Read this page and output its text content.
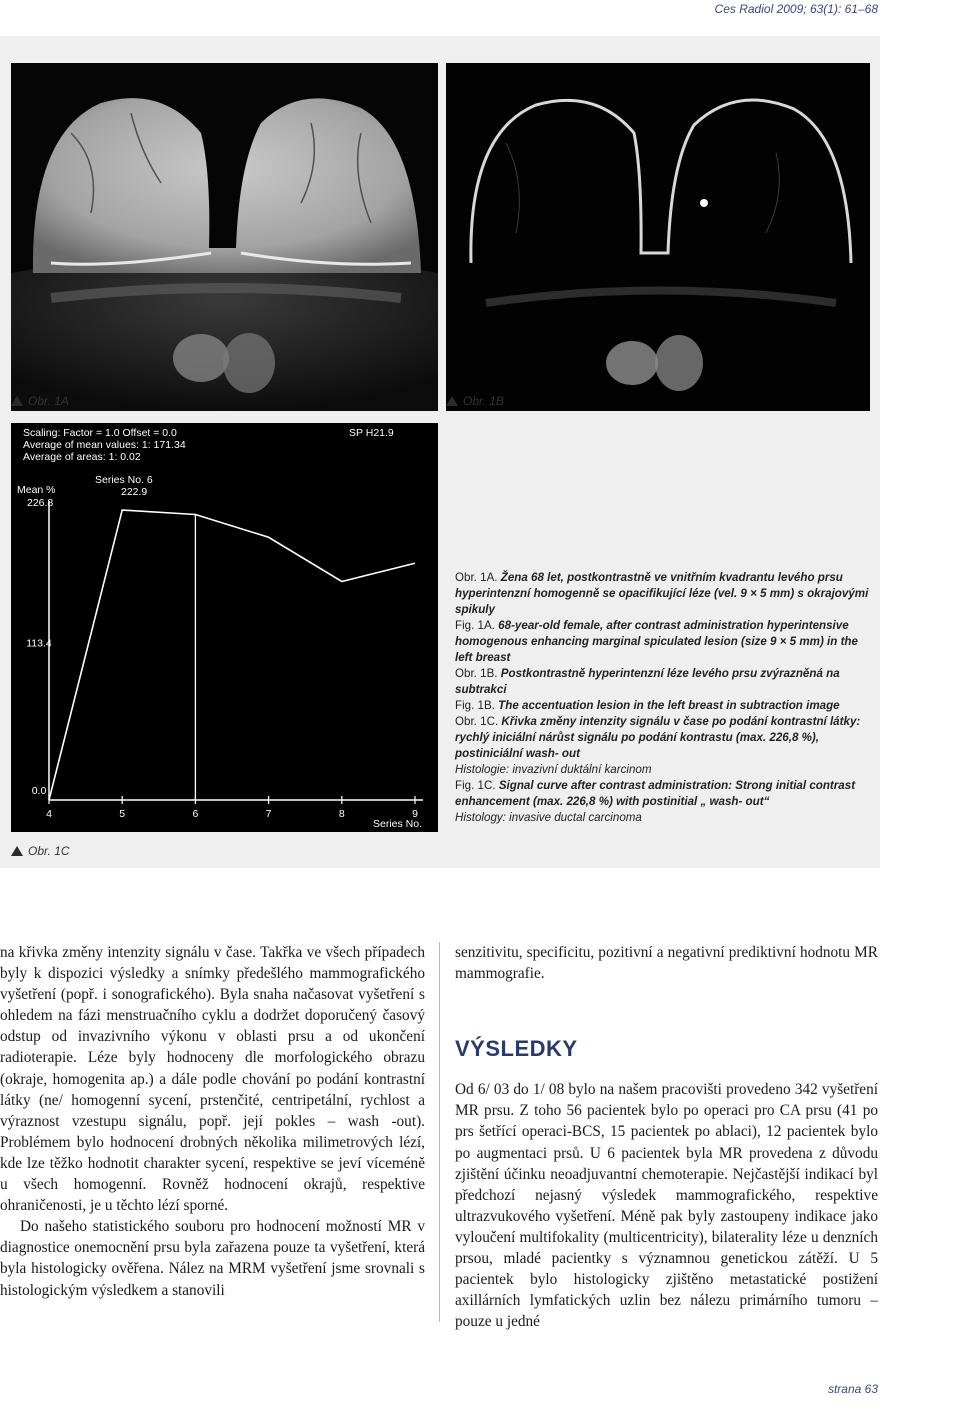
Ces Radiol 2009; 63(1): 61–68
Obr. 1A	Obr. 1B
Scaling: Factor = 1.0 Offset = 0.0
Average of mean values: 1: 171.34
Average of areas: 1: 0.02
SP H21.9
Mean %
226.8
Series No. 6
222.9
4	5	6	7	8	9
113.4
0.0
Series No.
Obr. 1C

Obr. 1A. Žena 68 let, postkontrastně ve vnitřním kvadrantu levého prsu hyperintenzní homogenně se opacifikující léze (vel. 9 × 5 mm) s okrajovými spikuly

Fig. 1A. 68-year-old female, after contrast administration hyperintensive homogenous enhancing marginal spiculated lesion (size 9 × 5 mm) in the left breast

Obr. 1B. Postkontrastně hyperintenzní léze levého prsu zvýrazněná na subtrakci

Fig. 1B. The accentuation lesion in the left breast in subtraction image

Obr. 1C. Křivka změny intenzity signálu v čase po podání kontrastní látky: rychlý iniciální nárůst signálu po podání kontrastu (max. 226,8 %), postiniciální wash- out

Histologie: invazivní duktální karcinom

Fig. 1C. Signal curve after contrast administration: Strong initial contrast enhancement (max. 226,8 %) with postinitial „ wash- out“

Histology: invasive ductal carcinoma

na křivka změny intenzity signálu v čase. Takřka ve všech případech byly k dispozici výsledky a snímky předešlého mammografického vyšetření (popř. i sonografického). Byla snaha načasovat vyšetření s ohledem na fázi menstruačního cyklu a dodržet doporučený časový odstup od invazivního výkonu v oblasti prsu a od ukončení radioterapie. Léze byly hodnoceny dle morfologického obrazu (okraje, homogenita ap.) a dále podle chování po podání kontrastní látky (ne/ homogenní sycení, prstenčité, centripetální, rychlost a výraznost vzestupu signálu, popř. její pokles – wash -out). Problémem bylo hodnocení drobných několika milimetrových lézí, kde lze těžko hodnotit charakter sycení, respektive se jeví víceméně u všech homogenní. Rovněž hodnocení okrajů, respektive ohraničenosti, je u těchto lézí sporné.

Do našeho statistického souboru pro hodnocení možností MR v diagnostice onemocnění prsu byla zařazena pouze ta vyšetření, která byla histologicky ověřena. Nález na MRM vyšetření jsme srovnali s histologickým výsledkem a stanovili

senzitivitu, specificitu, pozitivní a negativní prediktivní hodnotu MR mammografie.

VÝSLEDKY

Od 6/ 03 do 1/ 08 bylo na našem pracovišti provedeno 342 vyšetření MR prsu. Z toho 56 pacientek bylo po operaci pro CA prsu (41 po prs šetřící operaci-BCS, 15 pacientek po ablaci), 12 pacientek bylo po augmentaci prsů. U 6 pacientek byla MR provedena z důvodu zjištění účinku neoadjuvantní chemoterapie. Nejčastější indikací byl předchozí nejasný výsledek mammografického, respektive ultrazvukového vyšetření. Méně pak byly zastoupeny indikace jako vyloučení multifokality (multicentricity), bilaterality léze u denzních prsou, mladé pacientky s významnou genetickou zátěží. U 5 pacientek bylo histologicky zjištěno metastatické postižení axillárních lymfatických uzlin bez nálezu primárního tumoru – pouze u jedné

strana 63
